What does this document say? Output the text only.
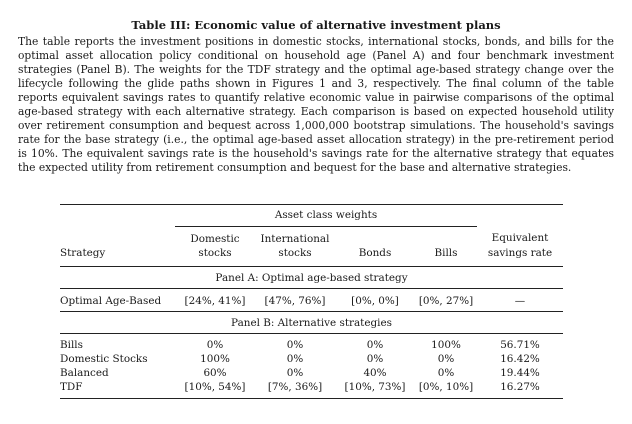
Table III: Economic value of alternative investment plans
The table reports the investment positions in domestic stocks, international stocks, bonds, and bills for the optimal asset allocation policy conditional on household age (Panel A) and four benchmark investment strategies (Panel B). The weights for the TDF strategy and the optimal age-based strategy change over the lifecycle following the glide paths shown in Figures 1 and 3, respectively. The final column of the table reports equivalent savings rates to quantify relative economic value in pairwise comparisons of the optimal age-based strategy with each alternative strategy. Each comparison is based on expected household utility over retirement consumption and bequest across 1,000,000 bootstrap simulations. The household's savings rate for the base strategy (i.e., the optimal age-based asset allocation strategy) in the pre-retirement period is 10%. The equivalent savings rate is the household's savings rate for the alternative strategy that equates the expected utility from retirement consumption and bequest for the base and alternative strategies.
	Asset class weights				
	Domestic	International			Equivalent
Strategy	stocks	stocks	Bonds	Bills	savings rate
Panel A: Optimal age-based strategy					
Optimal Age-Based	[24%, 41%]	[47%, 76%]	[0%, 0%]	[0%, 27%]	—
Panel B: Alternative strategies					
Bills	0%	0%	0%	100%	56.71%
Domestic Stocks	100%	0%	0%	0%	16.42%
Balanced	60%	0%	40%	0%	19.44%
TDF	[10%, 54%]	[7%, 36%]	[10%, 73%]	[0%, 10%]	16.27%
